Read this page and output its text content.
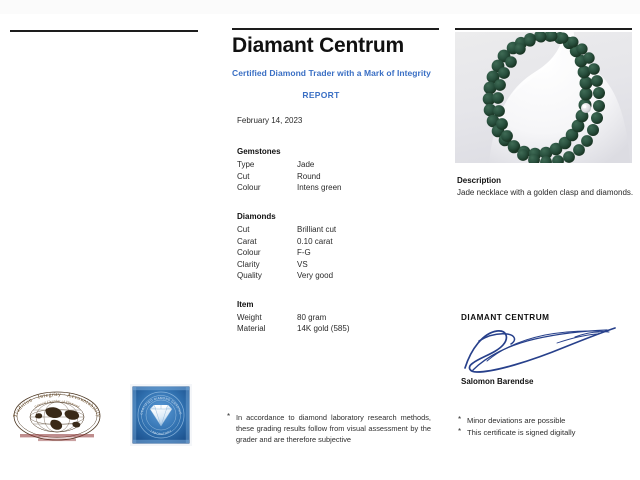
Diamant Centrum

Certified Diamond Trader with a Mark of Integrity

REPORT

February 14, 2023

Gemstones
Type	Jade
Cut	Round
Colour	Intens green
Diamonds
Cut	Brilliant cut
Carat	0.10 carat
Colour	F-G
Clarity	VS
Quality	Very good
Item
Weight	80 gram
Material	14K gold (585)
* In accordance to diamond laboratory research methods, these grading results follow from visual assessment by the grader and are therefore subjective
Description

Jade necklace with a golden clasp and diamonds.

DIAMANT CENTRUM
Salomon Barendse
* Minor deviations are possible
* This certificate is signed digitally
Tradition · Integrity · Accountability
General Chamber of Diamond
CERTIFIED DIAMOND GRADING
LABORATORY
